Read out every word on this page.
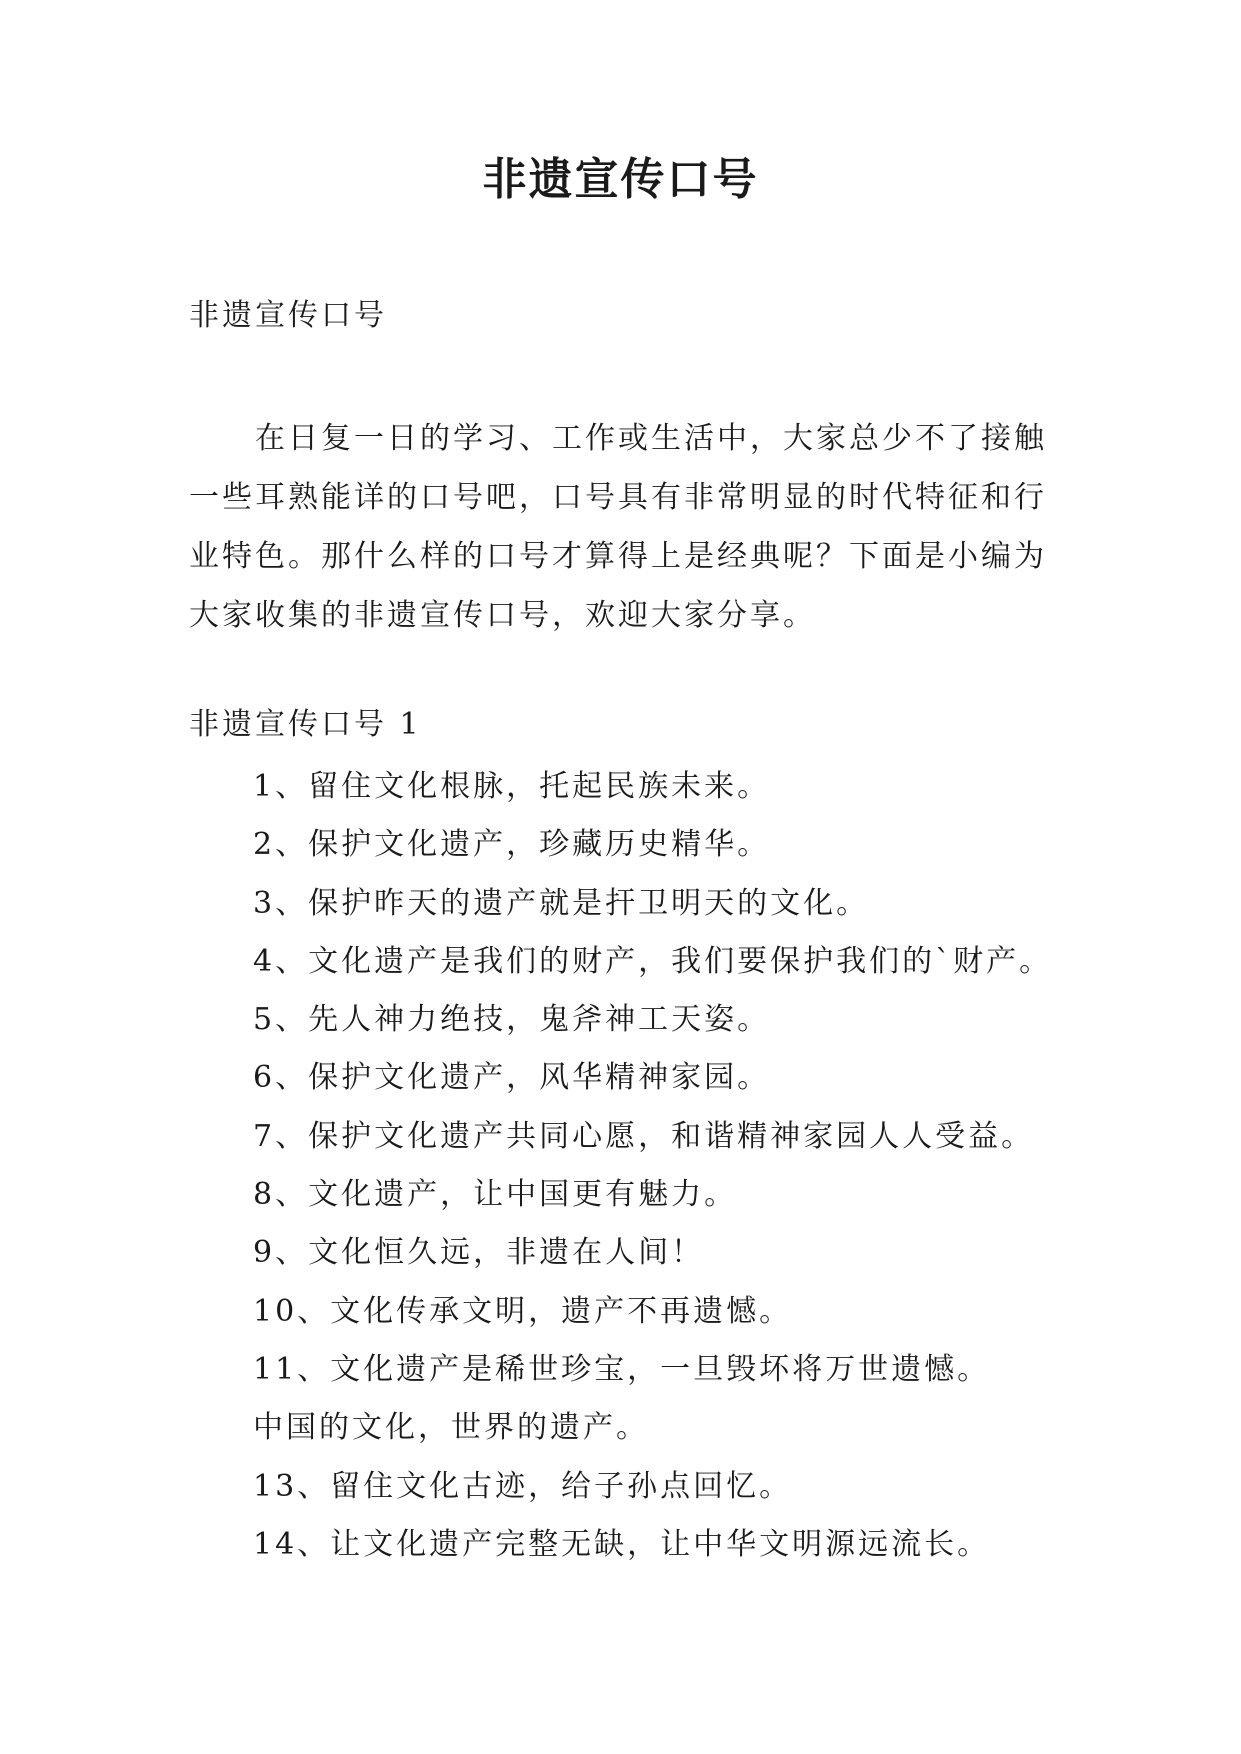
非遗宣传口号
非遗宣传口号

在日复一日的学习、工作或生活中，大家总少不了接触一些耳熟能详的口号吧，口号具有非常明显的时代特征和行业特色。那什么样的口号才算得上是经典呢？下面是小编为大家收集的非遗宣传口号，欢迎大家分享。

非遗宣传口号 1
1、留住文化根脉，托起民族未来。
2、保护文化遗产，珍藏历史精华。
3、保护昨天的遗产就是扞卫明天的文化。
4、文化遗产是我们的财产，我们要保护我们的`财产。
5、先人神力绝技，鬼斧神工天姿。
6、保护文化遗产，风华精神家园。
7、保护文化遗产共同心愿，和谐精神家园人人受益。
8、文化遗产，让中国更有魅力。
9、文化恒久远，非遗在人间！
10、文化传承文明，遗产不再遗憾。
11、文化遗产是稀世珍宝，一旦毁坏将万世遗憾。
中国的文化，世界的遗产。
13、留住文化古迹，给子孙点回忆。
14、让文化遗产完整无缺，让中华文明源远流长。
